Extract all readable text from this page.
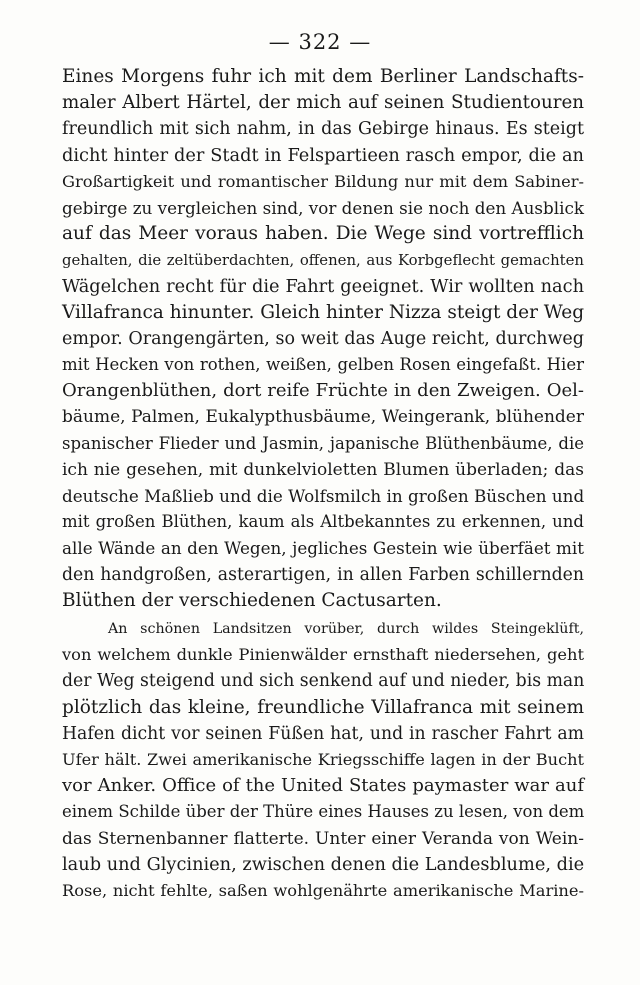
— 322 —
Eines Morgens fuhr ich mit dem Berliner Landschafts-
maler Albert Härtel, der mich auf seinen Studientouren
freundlich mit sich nahm, in das Gebirge hinaus. Es steigt
dicht hinter der Stadt in Felspartieen rasch empor, die an
Großartigkeit und romantischer Bildung nur mit dem Sabiner-
gebirge zu vergleichen sind, vor denen sie noch den Ausblick
auf das Meer voraus haben. Die Wege sind vortrefflich
gehalten, die zeltüberdachten, offenen, aus Korbgeflecht gemachten
Wägelchen recht für die Fahrt geeignet. Wir wollten nach
Villafranca hinunter. Gleich hinter Nizza steigt der Weg
empor. Orangengärten, so weit das Auge reicht, durchweg
mit Hecken von rothen, weißen, gelben Rosen eingefaßt. Hier
Orangenblüthen, dort reife Früchte in den Zweigen. Oel-
bäume, Palmen, Eukalypthusbäume, Weingerank, blühender
spanischer Flieder und Jasmin, japanische Blüthenbäume, die
ich nie gesehen, mit dunkelvioletten Blumen überladen; das
deutsche Maßlieb und die Wolfsmilch in großen Büschen und
mit großen Blüthen, kaum als Altbekanntes zu erkennen, und
alle Wände an den Wegen, jegliches Gestein wie überfäet mit
den handgroßen, asterartigen, in allen Farben schillernden
Blüthen der verschiedenen Cactusarten.
An schönen Landsitzen vorüber, durch wildes Steingeklüft,
von welchem dunkle Pinienwälder ernsthaft niedersehen, geht
der Weg steigend und sich senkend auf und nieder, bis man
plötzlich das kleine, freundliche Villafranca mit seinem
Hafen dicht vor seinen Füßen hat, und in rascher Fahrt am
Ufer hält. Zwei amerikanische Kriegsschiffe lagen in der Bucht
vor Anker. Office of the United States paymaster war auf
einem Schilde über der Thüre eines Hauses zu lesen, von dem
das Sternenbanner flatterte. Unter einer Veranda von Wein-
laub und Glycinien, zwischen denen die Landesblume, die
Rose, nicht fehlte, saßen wohlgenährte amerikanische Marine-
